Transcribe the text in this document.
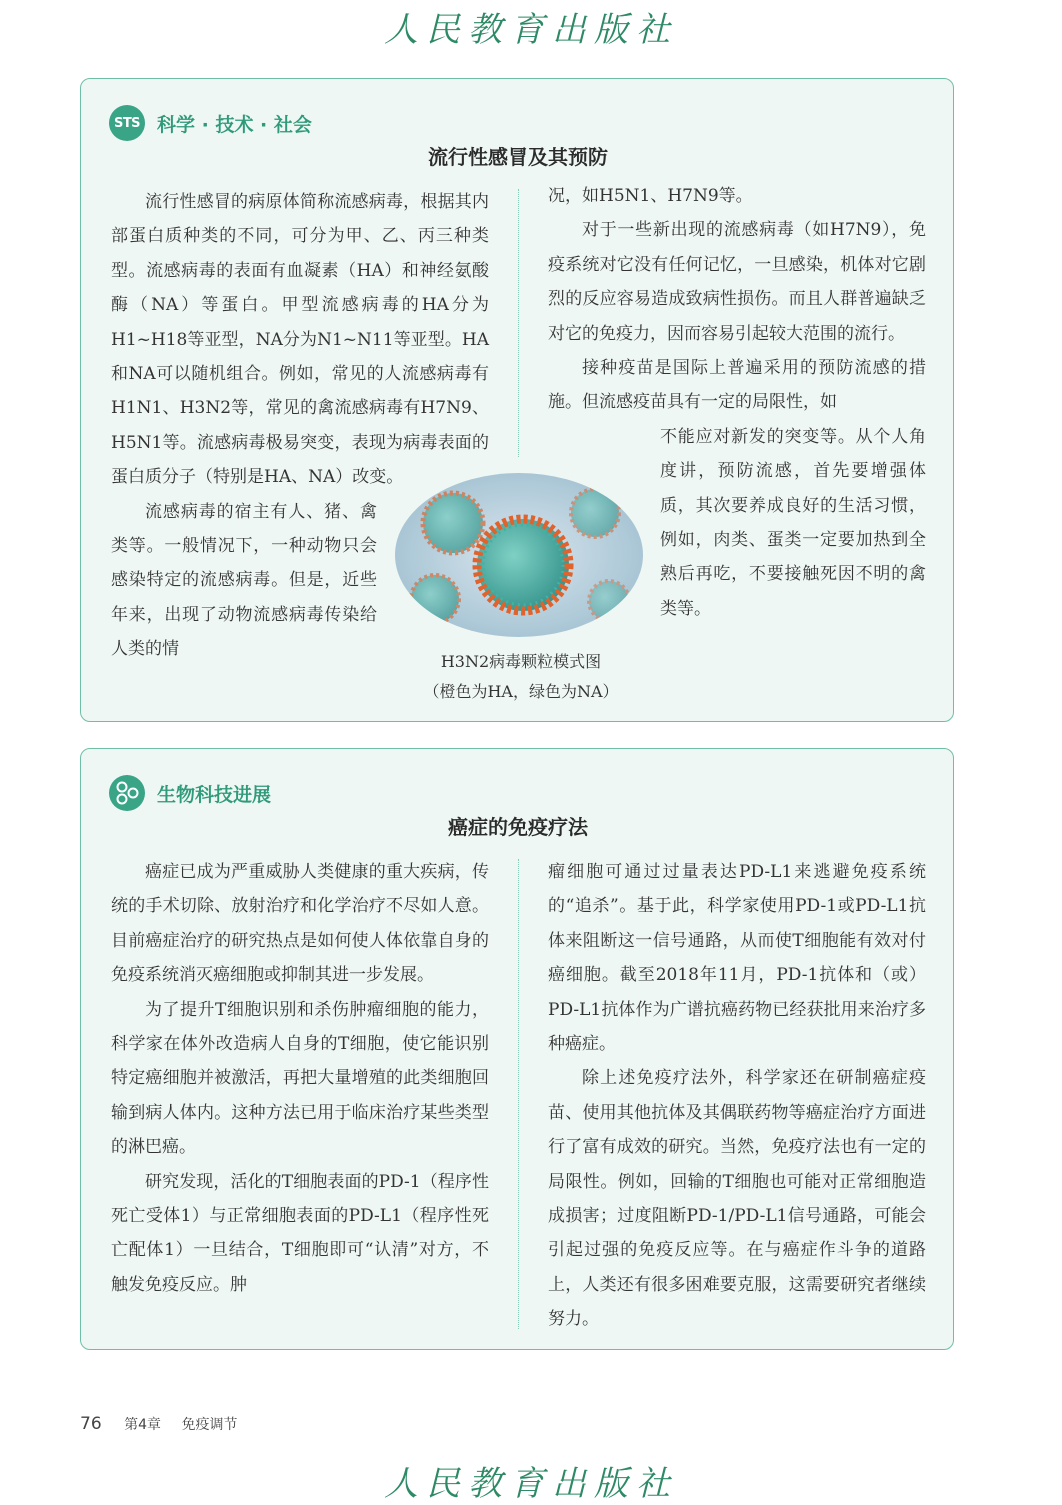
人民教育出版社
STS 科学 · 技术 · 社会
流行性感冒及其预防

流行性感冒的病原体简称流感病毒，根据其内部蛋白质种类的不同，可分为甲、乙、丙三种类型。流感病毒的表面有血凝素（HA）和神经氨酸酶（NA）等蛋白。甲型流感病毒的HA分为H1~H18等亚型，NA分为N1~N11等亚型。HA和NA可以随机组合。例如，常见的人流感病毒有H1N1、H3N2等，常见的禽流感病毒有H7N9、H5N1等。流感病毒极易突变，表现为病毒表面的蛋白质分子（特别是HA、NA）改变。

流感病毒的宿主有人、猪、禽类等。一般情况下，一种动物只会感染特定的流感病毒。但是，近些年来，出现了动物流感病毒传染给人类的情

况，如H5N1、H7N9等。

对于一些新出现的流感病毒（如H7N9），免疫系统对它没有任何记忆，一旦感染，机体对它剧烈的反应容易造成致病性损伤。而且人群普遍缺乏对它的免疫力，因而容易引起较大范围的流行。

接种疫苗是国际上普遍采用的预防流感的措施。但流感疫苗具有一定的局限性，如

不能应对新发的突变等。从个人角度讲，预防流感，首先要增强体质，其次要养成良好的生活习惯，例如，肉类、蛋类一定要加热到全熟后再吃，不要接触死因不明的禽类等。

H3N2病毒颗粒模式图
（橙色为HA，绿色为NA）
生物科技进展
癌症的免疫疗法

癌症已成为严重威胁人类健康的重大疾病，传统的手术切除、放射治疗和化学治疗不尽如人意。目前癌症治疗的研究热点是如何使人体依靠自身的免疫系统消灭癌细胞或抑制其进一步发展。

为了提升T细胞识别和杀伤肿瘤细胞的能力，科学家在体外改造病人自身的T细胞，使它能识别特定癌细胞并被激活，再把大量增殖的此类细胞回输到病人体内。这种方法已用于临床治疗某些类型的淋巴癌。

研究发现，活化的T细胞表面的PD-1（程序性死亡受体1）与正常细胞表面的PD-L1（程序性死亡配体1）一旦结合，T细胞即可“认清”对方，不触发免疫反应。肿

瘤细胞可通过过量表达PD-L1来逃避免疫系统的“追杀”。基于此，科学家使用PD-1或PD-L1抗体来阻断这一信号通路，从而使T细胞能有效对付癌细胞。截至2018年11月，PD-1抗体和（或）PD-L1抗体作为广谱抗癌药物已经获批用来治疗多种癌症。

除上述免疫疗法外，科学家还在研制癌症疫苗、使用其他抗体及其偶联药物等癌症治疗方面进行了富有成效的研究。当然，免疫疗法也有一定的局限性。例如，回输的T细胞也可能对正常细胞造成损害；过度阻断PD-1/PD-L1信号通路，可能会引起过强的免疫反应等。在与癌症作斗争的道路上，人类还有很多困难要克服，这需要研究者继续努力。

76 第4章 免疫调节
人民教育出版社
